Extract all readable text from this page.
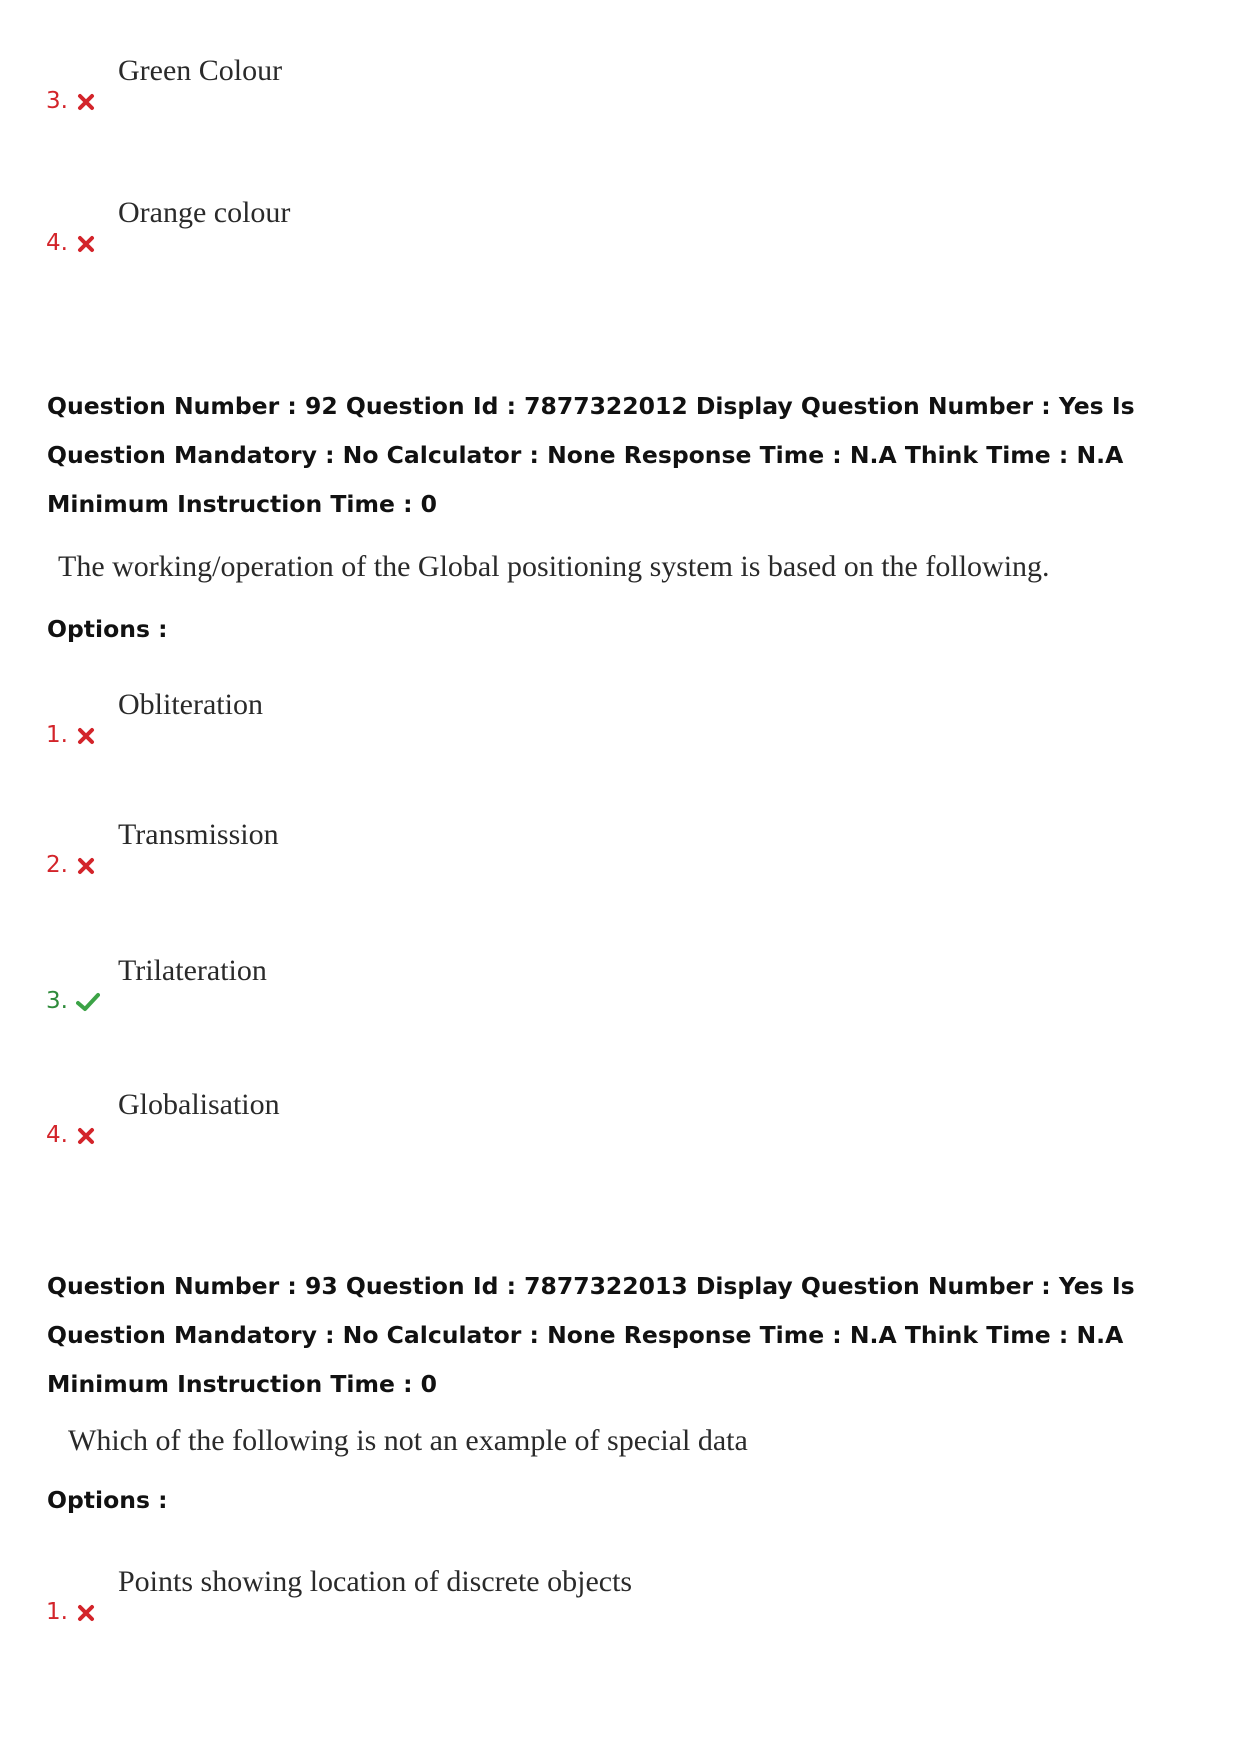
3.
Green Colour
4.
Orange colour
Question Number : 92 Question Id : 7877322012 Display Question Number : Yes Is Question Mandatory : No Calculator : None Response Time : N.A Think Time : N.A Minimum Instruction Time : 0
The working/operation of the Global positioning system is based on the following.
Options :
1.
Obliteration
2.
Transmission
3.
Trilateration
4.
Globalisation
Question Number : 93 Question Id : 7877322013 Display Question Number : Yes Is Question Mandatory : No Calculator : None Response Time : N.A Think Time : N.A Minimum Instruction Time : 0
Which of the following is not an example of special data
Options :
1.
Points showing location of discrete objects
